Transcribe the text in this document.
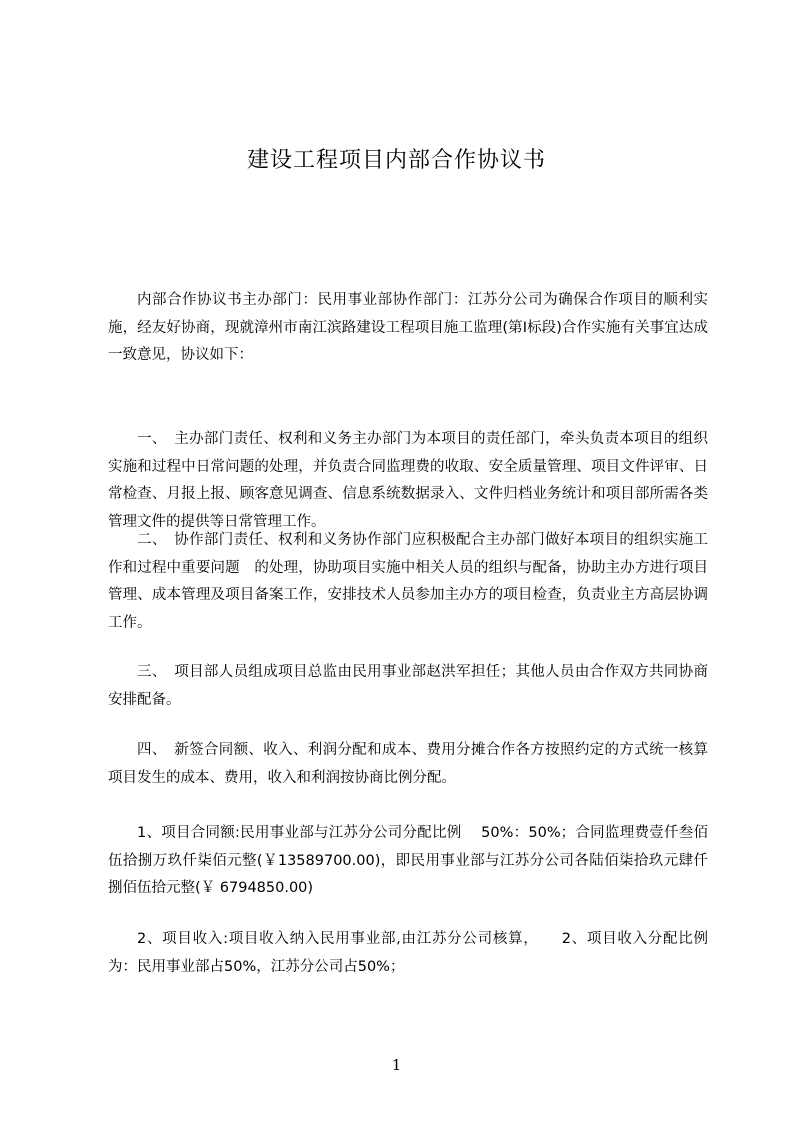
建设工程项目内部合作协议书

内部合作协议书主办部门：民用事业部协作部门：江苏分公司为确保合作项目的顺利实施，经友好协商，现就漳州市南江滨路建设工程项目施工监理(第Ⅰ标段)合作实施有关事宜达成一致意见，协议如下：

一、　主办部门责任、权利和义务主办部门为本项目的责任部门，牵头负责本项目的组织实施和过程中日常问题的处理，并负责合同监理费的收取、安全质量管理、项目文件评审、日常检查、月报上报、顾客意见调查、信息系统数据录入、文件归档业务统计和项目部所需各类管理文件的提供等日常管理工作。

二、　协作部门责任、权利和义务协作部门应积极配合主办部门做好本项目的组织实施工作和过程中重要问题　的处理，协助项目实施中相关人员的组织与配备，协助主办方进行项目管理、成本管理及项目备案工作，安排技术人员参加主办方的项目检查，负责业主方高层协调工作。

三、　项目部人员组成项目总监由民用事业部赵洪军担任；其他人员由合作双方共同协商安排配备。

四、　新签合同额、收入、利润分配和成本、费用分摊合作各方按照约定的方式统一核算项目发生的成本、费用，收入和利润按协商比例分配。

1、项目合同额:民用事业部与江苏分公司分配比例　 50%：50%；合同监理费壹仟叁佰伍拾捌万玖仟柒佰元整(￥13589700.00)，即民用事业部与江苏分公司各陆佰柒拾玖元肆仟捌佰伍拾元整(￥ 6794850.00)

2、项目收入:项目收入纳入民用事业部,由江苏分公司核算，　　2、项目收入分配比例为：民用事业部占50%，江苏分公司占50%；

1
